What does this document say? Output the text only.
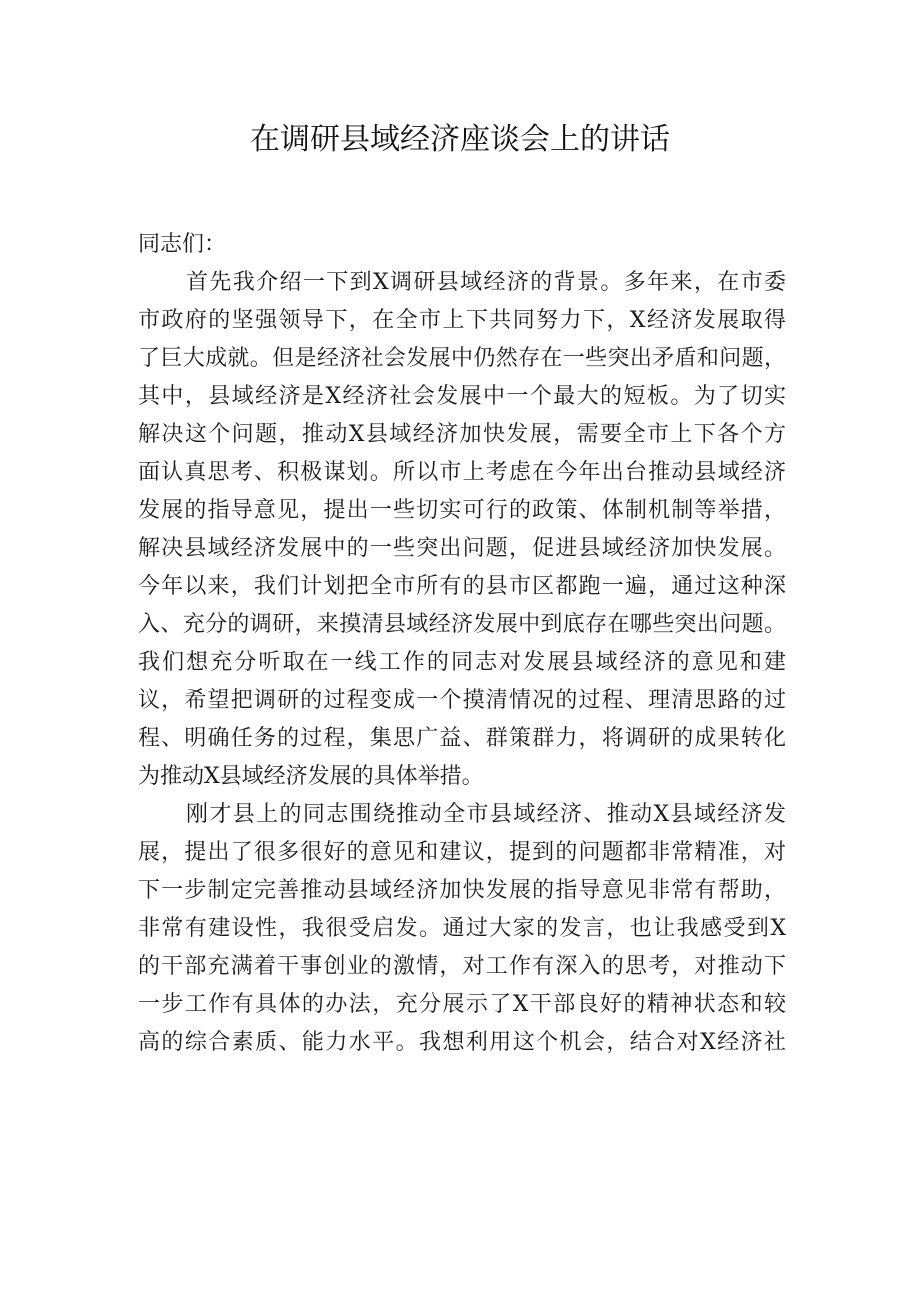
在调研县域经济座谈会上的讲话
同志们：
首先我介绍一下到X调研县域经济的背景。多年来，在市委
市政府的坚强领导下，在全市上下共同努力下，X经济发展取得
了巨大成就。但是经济社会发展中仍然存在一些突出矛盾和问题，
其中，县域经济是X经济社会发展中一个最大的短板。为了切实
解决这个问题，推动X县域经济加快发展，需要全市上下各个方
面认真思考、积极谋划。所以市上考虑在今年出台推动县域经济
发展的指导意见，提出一些切实可行的政策、体制机制等举措，
解决县域经济发展中的一些突出问题，促进县域经济加快发展。
今年以来，我们计划把全市所有的县市区都跑一遍，通过这种深
入、充分的调研，来摸清县域经济发展中到底存在哪些突出问题。
我们想充分听取在一线工作的同志对发展县域经济的意见和建
议，希望把调研的过程变成一个摸清情况的过程、理清思路的过
程、明确任务的过程，集思广益、群策群力，将调研的成果转化
为推动X县域经济发展的具体举措。
刚才县上的同志围绕推动全市县域经济、推动X县域经济发
展，提出了很多很好的意见和建议，提到的问题都非常精准，对
下一步制定完善推动县域经济加快发展的指导意见非常有帮助，
非常有建设性，我很受启发。通过大家的发言，也让我感受到X
的干部充满着干事创业的激情，对工作有深入的思考，对推动下
一步工作有具体的办法，充分展示了X干部良好的精神状态和较
高的综合素质、能力水平。我想利用这个机会，结合对X经济社
